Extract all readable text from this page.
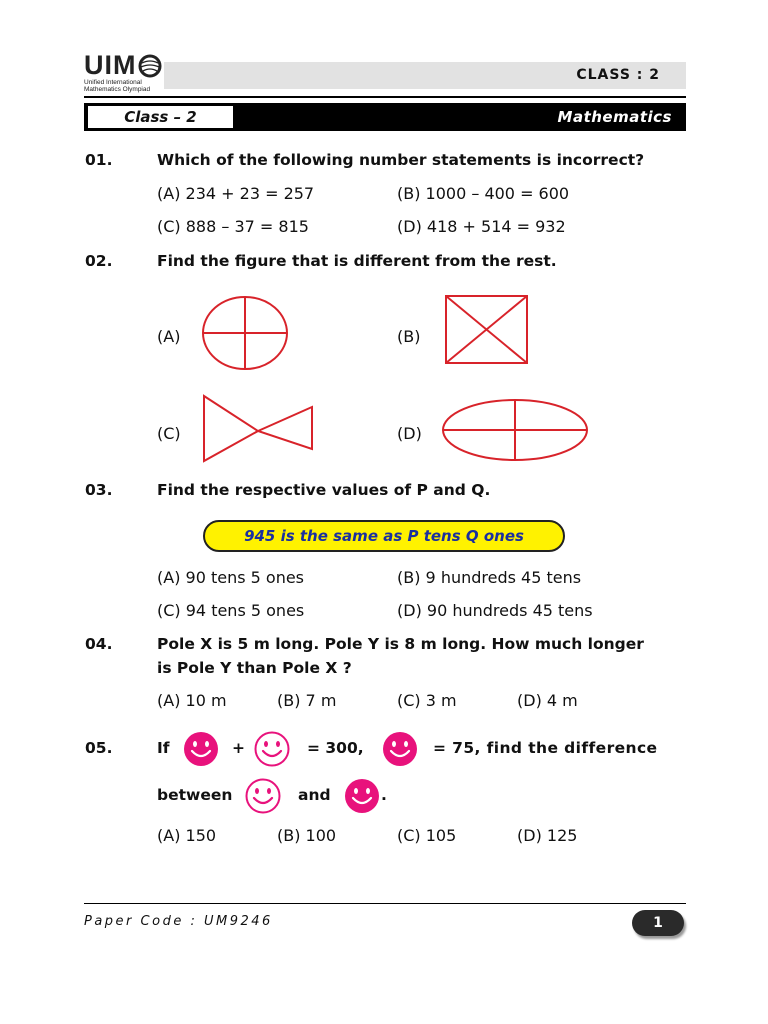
UIM
Unified International
Mathematics Olympiad
CLASS : 2
Class – 2	Mathematics
01.	Which of the following number statements is incorrect?
(A) 234 + 23 = 257	(B) 1000 – 400 = 600
(C) 888 – 37 = 815	(D) 418 + 514 = 932
02.	Find the figure that is different from the rest.
(A)	(B)
(C)	(D)
03.	Find the respective values of P and Q.
945 is the same as P tens Q ones
(A) 90 tens 5 ones	(B) 9 hundreds 45 tens
(C) 94 tens 5 ones	(D) 90 hundreds 45 tens
04.	Pole X is 5 m long. Pole Y is 8 m long. How much longer
is Pole Y than Pole X ?
(A) 10 m	(B) 7 m	(C) 3 m	(D) 4 m
05.	If	+	= 300,	= 75, find the difference
between	and	.
(A) 150	(B) 100	(C) 105	(D) 125
Paper Code : UM9246	1
